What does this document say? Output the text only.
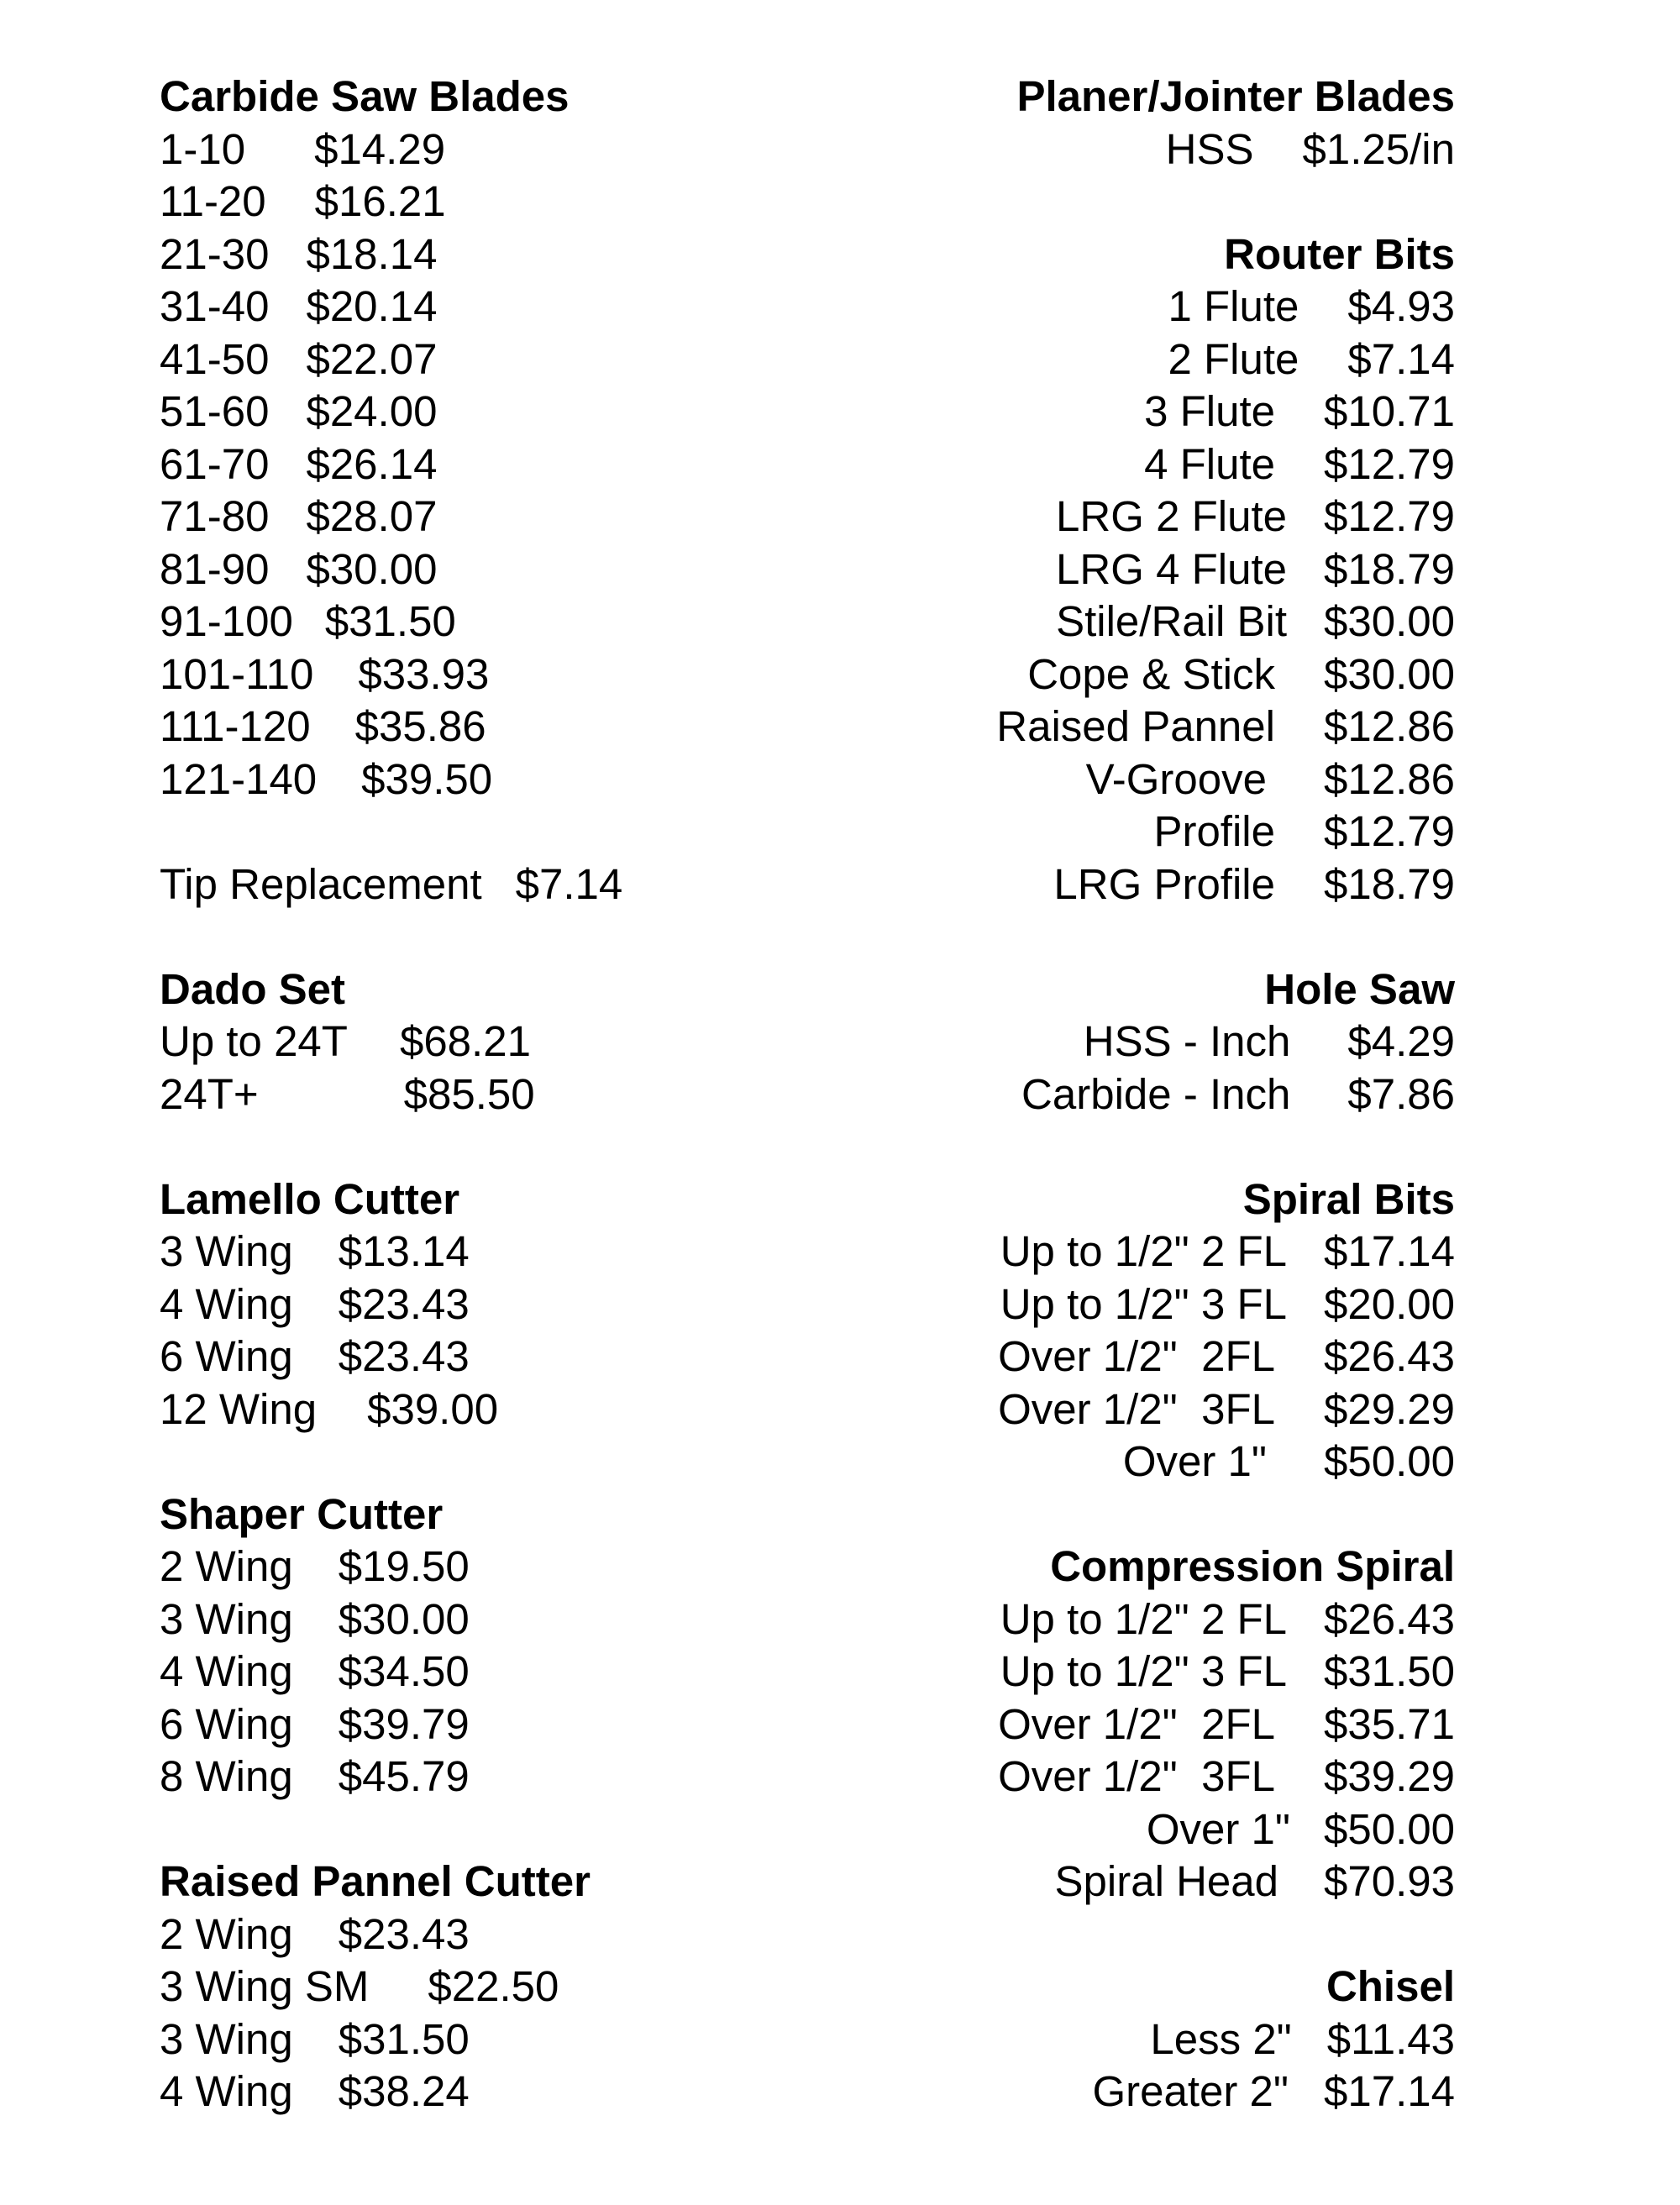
Carbide Saw Blades
1-10 $14.29
11-20 $16.21
21-30 $18.14
31-40 $20.14
41-50 $22.07
51-60 $24.00
61-70 $26.14
71-80 $28.07
81-90 $30.00
91-100 $31.50
101-110 $33.93
111-120 $35.86
121-140 $39.50
Tip Replacement $7.14
Dado Set
Up to 24T $68.21
24T+	$85.50
Lamello Cutter
3 Wing $13.14
4 Wing $23.43
6 Wing $23.43
12 Wing $39.00
Shaper Cutter
2 Wing $19.50
3 Wing $30.00
4 Wing $34.50
6 Wing $39.79
8 Wing $45.79
Raised Pannel Cutter
2 Wing $23.43
3 Wing SM $22.50
3 Wing $31.50
4 Wing $38.24
Planer/Jointer Blades
HSS $1.25/in
Router Bits
1 Flute $4.93
2 Flute $7.14
3 Flute $10.71
4 Flute $12.79
LRG 2 Flute $12.79
LRG 4 Flute $18.79
Stile/Rail Bit $30.00
Cope & Stick $30.00
Raised Pannel $12.86
V-Groove $12.86
Profile $12.79
LRG Profile $18.79
Hole Saw
HSS - Inch $4.29
Carbide - Inch $7.86
Spiral Bits
Up to 1/2" 2 FL $17.14
Up to 1/2" 3 FL $20.00
Over 1/2"  2FL $26.43
Over 1/2"  3FL $29.29
Over 1" $50.00
Compression Spiral
Up to 1/2" 2 FL $26.43
Up to 1/2" 3 FL $31.50
Over 1/2"  2FL $35.71
Over 1/2"  3FL $39.29
Over 1" $50.00
Spiral Head $70.93
Chisel
Less 2" $11.43
Greater 2" $17.14
